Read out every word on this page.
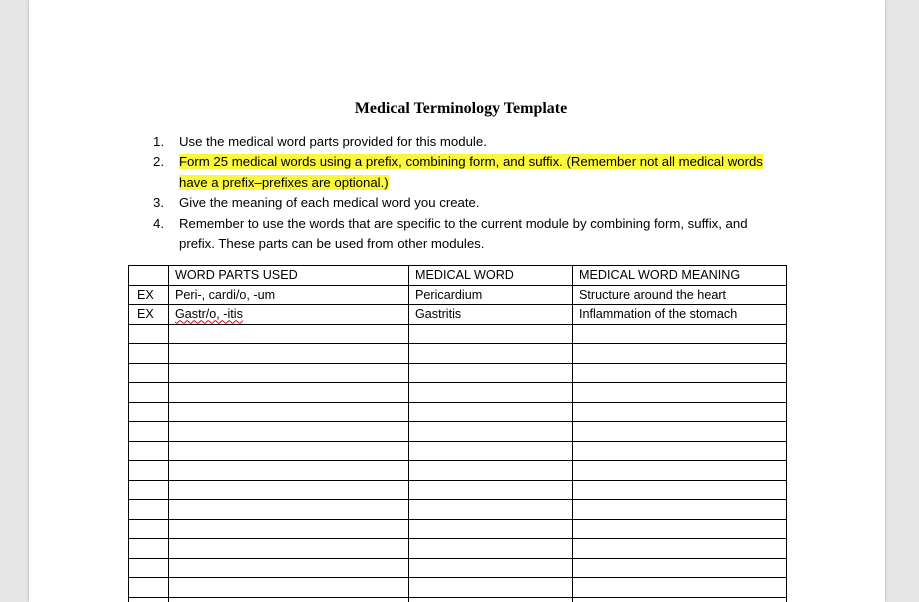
Medical Terminology Template
1. Use the medical word parts provided for this module.
2. Form 25 medical words using a prefix, combining form, and suffix. (Remember not all medical words have a prefix–prefixes are optional.)
3. Give the meaning of each medical word you create.
4. Remember to use the words that are specific to the current module by combining form, suffix, and prefix. These parts can be used from other modules.
	WORD PARTS USED	MEDICAL WORD	MEDICAL WORD MEANING
EX	Peri-, cardi/o, -um	Pericardium	Structure around the heart
EX	Gastr/o, -itis	Gastritis	Inflammation of the stomach
